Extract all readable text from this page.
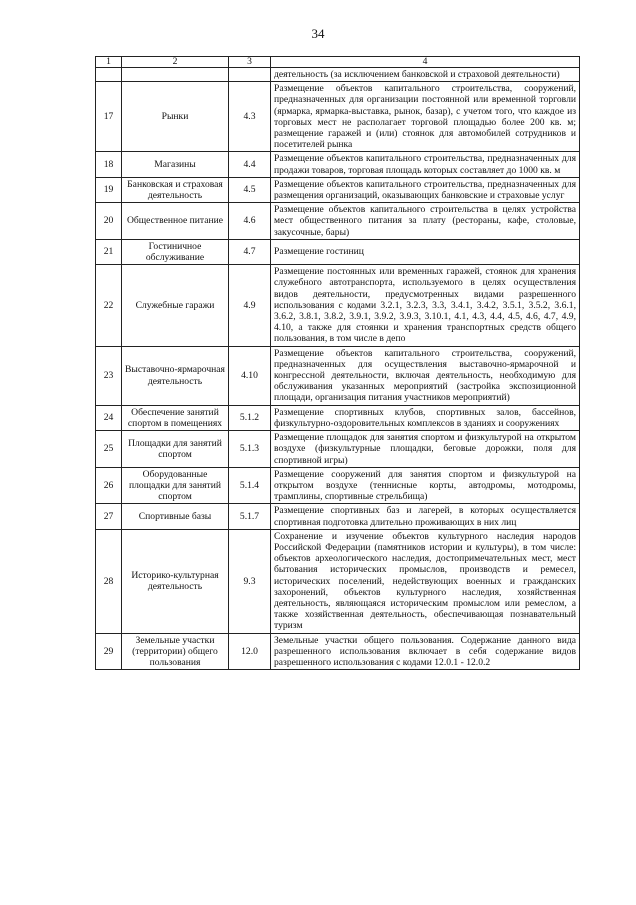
34
1	2	3	4
			деятельность (за исключением банковской и страховой деятельности)
17	Рынки	4.3	Размещение объектов капитального строительства, сооружений, предназначенных для организации постоянной или временной торговли (ярмарка, ярмарка-выставка, рынок, базар), с учетом того, что каждое из торговых мест не располагает торговой площадью более 200 кв. м; размещение гаражей и (или) стоянок для автомобилей сотрудников и посетителей рынка
18	Магазины	4.4	Размещение объектов капитального строительства, предназначенных для продажи товаров, торговая площадь которых составляет до 1000 кв. м
19	Банковская и страховая деятельность	4.5	Размещение объектов капитального строительства, предназначенных для размещения организаций, оказывающих банковские и страховые услуг
20	Общественное питание	4.6	Размещение объектов капитального строительства в целях устройства мест общественного питания за плату (рестораны, кафе, столовые, закусочные, бары)
21	Гостиничное обслуживание	4.7	Размещение гостиниц
22	Служебные гаражи	4.9	Размещение постоянных или временных гаражей, стоянок для хранения служебного автотранспорта, используемого в целях осуществления видов деятельности, предусмотренных видами разрешенного использования с кодами 3.2.1, 3.2.3, 3.3, 3.4.1, 3.4.2, 3.5.1, 3.5.2, 3.6.1, 3.6.2, 3.8.1, 3.8.2, 3.9.1, 3.9.2, 3.9.3, 3.10.1, 4.1, 4.3, 4.4, 4.5, 4.6, 4.7, 4.9, 4.10, а также для стоянки и хранения транспортных средств общего пользования, в том числе в депо
23	Выставочно-ярмарочная деятельность	4.10	Размещение объектов капитального строительства, сооружений, предназначенных для осуществления выставочно-ярмарочной и конгрессной деятельности, включая деятельность, необходимую для обслуживания указанных мероприятий (застройка экспозиционной площади, организация питания участников мероприятий)
24	Обеспечение занятий спортом в помещениях	5.1.2	Размещение спортивных клубов, спортивных залов, бассейнов, физкультурно-оздоровительных комплексов в зданиях и сооружениях
25	Площадки для занятий спортом	5.1.3	Размещение площадок для занятия спортом и физкультурой на открытом воздухе (физкультурные площадки, беговые дорожки, поля для спортивной игры)
26	Оборудованные площадки для занятий спортом	5.1.4	Размещение сооружений для занятия спортом и физкультурой на открытом воздухе (теннисные корты, автодромы, мотодромы, трамплины, спортивные стрельбища)
27	Спортивные базы	5.1.7	Размещение спортивных баз и лагерей, в которых осуществляется спортивная подготовка длительно проживающих в них лиц
28	Историко-культурная деятельность	9.3	Сохранение и изучение объектов культурного наследия народов Российской Федерации (памятников истории и культуры), в том числе: объектов археологического наследия, достопримечательных мест, мест бытования исторических промыслов, производств и ремесел, исторических поселений, недействующих военных и гражданских захоронений, объектов культурного наследия, хозяйственная деятельность, являющаяся историческим промыслом или ремеслом, а также хозяйственная деятельность, обеспечивающая познавательный туризм
29	Земельные участки (территории) общего пользования	12.0	Земельные участки общего пользования. Содержание данного вида разрешенного использования включает в себя содержание видов разрешенного использования с кодами 12.0.1 - 12.0.2
